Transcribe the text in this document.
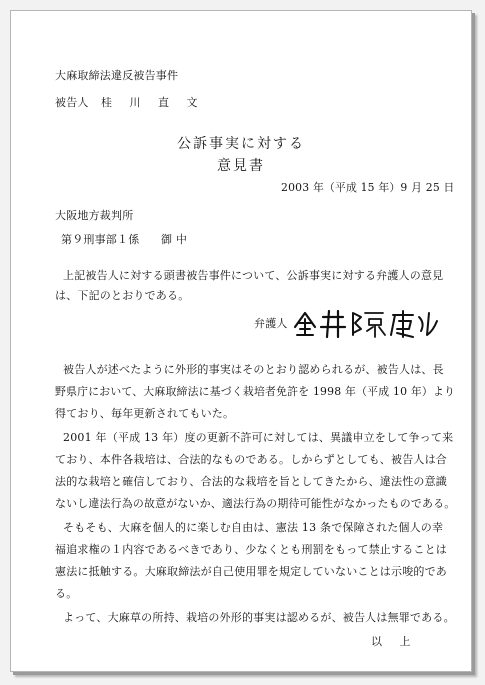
大麻取締法違反被告事件
被告人 桂 川 直 文
公訴事実に対する
意見書
2003 年（平成 15 年）9 月 25 日
大阪地方裁判所
第９刑事部１係 御 中
上記被告人に対する頭書被告事件について、公訴事実に対する弁護人の意見
は、下記のとおりである。
弁護人
被告人が述べたように外形的事実はそのとおり認められるが、被告人は、長
野県庁において、大麻取締法に基づく栽培者免許を 1998 年（平成 10 年）より
得ており、毎年更新されてもいた。
2001 年（平成 13 年）度の更新不許可に対しては、異議申立をして争って来
ており、本件各栽培は、合法的なものである。しからずとしても、被告人は合
法的な栽培と確信しており、合法的な栽培を旨としてきたから、違法性の意識
ないし違法行為の故意がないか、適法行為の期待可能性がなかったものである。
そもそも、大麻を個人的に楽しむ自由は、憲法 13 条で保障された個人の幸
福追求権の１内容であるべきであり、少なくとも刑罰をもって禁止することは
憲法に抵触する。大麻取締法が自己使用罪を規定していないことは示唆的であ
る。
よって、大麻草の所持、栽培の外形的事実は認めるが、被告人は無罪である。
以 上
